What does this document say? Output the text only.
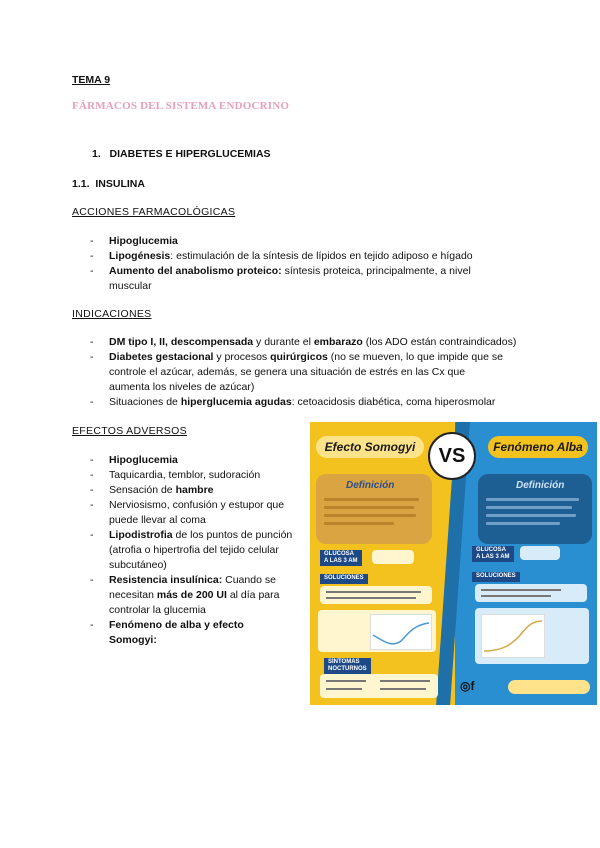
TEMA 9
FÁRMACOS DEL SISTEMA ENDOCRINO
1. DIABETES E HIPERGLUCEMIAS
1.1. INSULINA
ACCIONES FARMACOLÓGICAS
- Hipoglucemia
- Lipogénesis: estimulación de la síntesis de lípidos en tejido adiposo e hígado
- Aumento del anabolismo proteico: síntesis proteica, principalmente, a nivel
muscular
INDICACIONES
- DM tipo I, II, descompensada y durante el embarazo (los ADO están contraindicados)
- Diabetes gestacional y procesos quirúrgicos (no se mueven, lo que impide que se
controle el azúcar, además, se genera una situación de estrés en las Cx que
aumenta los niveles de azúcar)
- Situaciones de hiperglucemia agudas: cetoacidosis diabética, coma hiperosmolar
EFECTOS ADVERSOS
- Hipoglucemia
- Taquicardia, temblor, sudoración
- Sensación de hambre
- Nerviosismo, confusión y estupor que
puede llevar al coma
- Lipodistrofia de los puntos de punción
(atrofia o hipertrofia del tejido celular
subcutáneo)
- Resistencia insulínica: Cuando se
necesitan más de 200 UI al día para
controlar la glucemia
- Fenómeno de alba y efecto
Somogyi:
Efecto Somogyi	Fenómeno Alba
VS
Definición	Definición
GLUCOSA
A LAS 3 AM
GLUCOSA
A LAS 3 AM
SOLUCIONES	SOLUCIONES
SÍNTOMAS
NOCTURNOS
◎f
